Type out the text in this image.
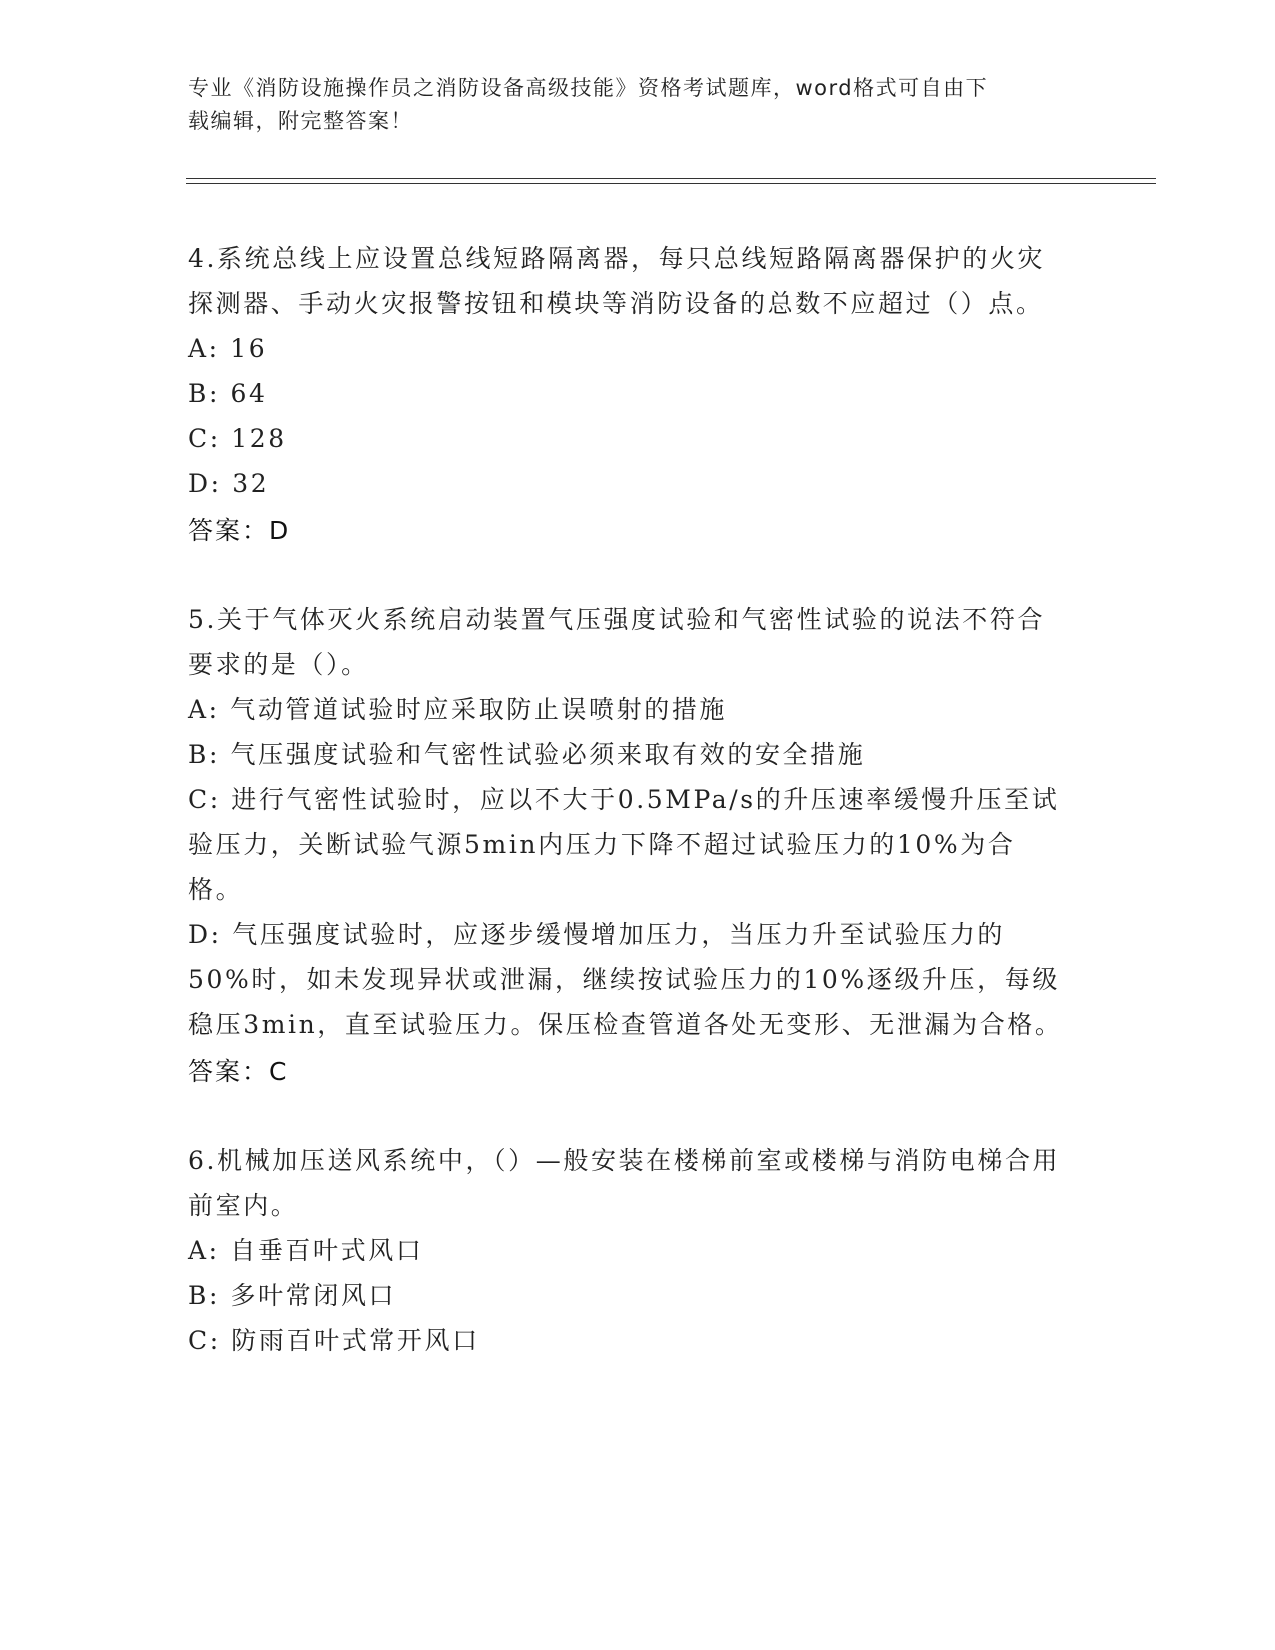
专业《消防设施操作员之消防设备高级技能》资格考试题库，word格式可自由下
载编辑，附完整答案！
4.系统总线上应设置总线短路隔离器，每只总线短路隔离器保护的火灾探测器、手动火灾报警按钮和模块等消防设备的总数不应超过（）点。
A: 16
B: 64
C: 128
D: 32
答案：D
5.关于气体灭火系统启动装置气压强度试验和气密性试验的说法不符合要求的是（）。
A: 气动管道试验时应采取防止误喷射的措施
B: 气压强度试验和气密性试验必须来取有效的安全措施
C: 进行气密性试验时，应以不大于0.5MPa/s的升压速率缓慢升压至试验压力，关断试验气源5min内压力下降不超过试验压力的10%为合格。
D: 气压强度试验时，应逐步缓慢增加压力，当压力升至试验压力的50%时，如未发现异状或泄漏，继续按试验压力的10%逐级升压，每级稳压3min，直至试验压力。保压检查管道各处无变形、无泄漏为合格。
答案：C
6.机械加压送风系统中，（）—般安装在楼梯前室或楼梯与消防电梯合用前室内。
A: 自垂百叶式风口
B: 多叶常闭风口
C: 防雨百叶式常开风口
